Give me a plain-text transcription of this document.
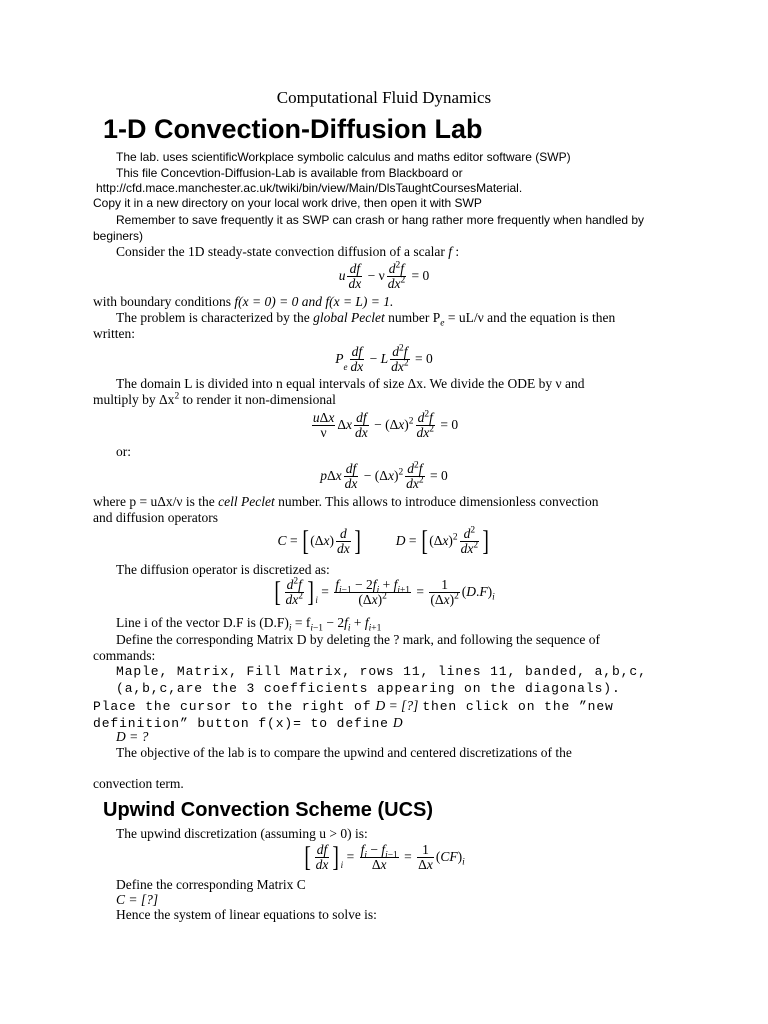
Computational Fluid Dynamics
1-D Convection-Diffusion Lab
The lab. uses scientificWorkplace symbolic calculus and maths editor software (SWP)
This file Concevtion-Diffusion-Lab is available from Blackboard or
http://cfd.mace.manchester.ac.uk/twiki/bin/view/Main/DlsTaughtCoursesMaterial.
Copy it in a new directory on your local work drive, then open it with SWP
Remember to save frequently it as SWP can crash or hang rather more frequently when handled by
beginers)
Consider the 1D steady-state convection diffusion of a scalar f :
u $\frac{df}{dx} - \nu \frac{d^2f}{dx^2} = 0$
with boundary conditions f(x = 0) = 0 and f(x = L) = 1.
The problem is characterized by the global Peclet number $P_e = uL/\nu$ and the equation is then
written:
Pe $\frac{df}{dx} - L \frac{d^2f}{dx^2} = 0$
The domain L is divided into n equal intervals of size Δx. We divide the ODE by ν and
multiply by $\Delta x^2$ to render it non-dimensional
$\frac{\text{uΔx}}{\nu}$ Δx $\frac{df}{dx} - (\Delta x)^2 \frac{d^2f}{dx^2} = 0$
or:
pΔx $\frac{df}{dx} - (\Delta x)^2 \frac{d^2f}{dx^2} = 0$
where p = uΔx/ν is the cell Peclet number. This allows to introduce dimensionless convection
and diffusion operators
$C = [(\Delta x) \frac{d}{dx}$ ]	$D = [(\Delta x)^2 \frac{d^2}{dx^2}$ ]
The diffusion operator is discretized as:
[ $\frac{d^2f}{dx^2} ]i = \frac{f_{i-1} - 2f_i + f_{i+1}}{(\Delta x)^2} = \frac{1}{(\Delta x)^2} (D.F)_i$
Line i of the vector D.F is $(D.F)_i = f_{i-1} - 2f_i + f_{i+1}$
Define the corresponding Matrix D by deleting the ? mark, and following the sequence of
commands:
Maple, Matrix, Fill Matrix, rows 11, lines 11, banded, a,b,c,
(a,b,c,are the 3 coefficients appearing on the diagonals).
Place the cursor to the right of D = [?] then click on the ”new
definition” button f(x)= to define D
D = ?
The objective of the lab is to compare the upwind and centered discretizations of the
convection term.
Upwind Convection Scheme (UCS)
The upwind discretization (assuming u > 0) is:
[ $\frac{df}{dx} ]i = \frac{f_i - f_{i-1}}{\Delta x} = \frac{1}{\Delta x} (CF)_i$
Define the corresponding Matrix C
C = [?]
Hence the system of linear equations to solve is:
